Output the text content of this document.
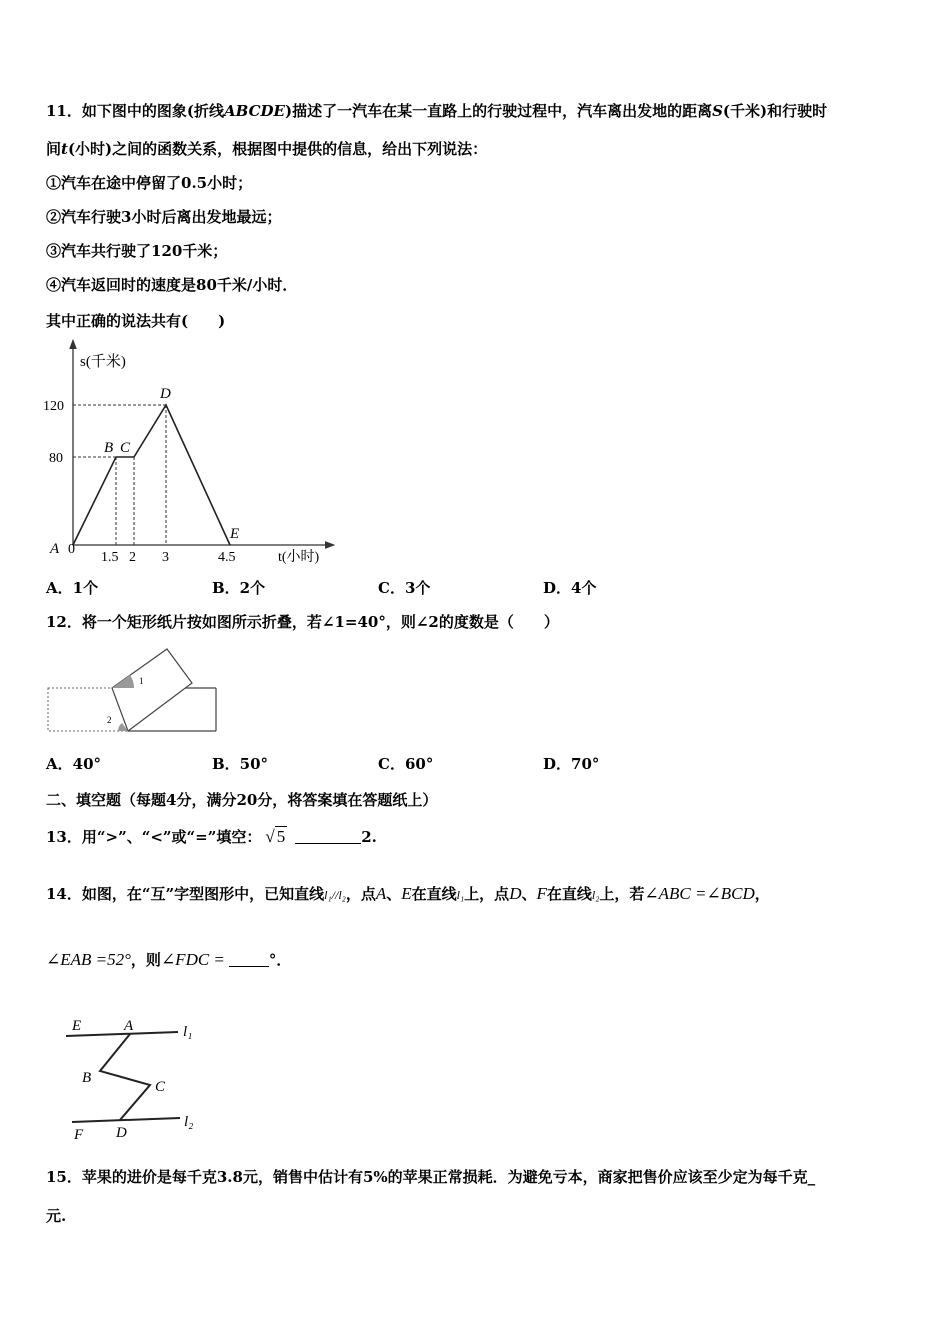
11．如下图中的图象(折线ABCDE)描述了一汽车在某一直路上的行驶过程中，汽车离出发地的距离S(千米)和行驶时
间t(小时)之间的函数关系，根据图中提供的信息，给出下列说法：
①汽车在途中停留了0.5小时；
②汽车行驶3小时后离出发地最远；
③汽车共行驶了120千米；
④汽车返回时的速度是80千米/小时．
其中正确的说法共有(　　)
s(千米)
120
80
0
1.5 2 3	4.5	t(小时)
A
B C
D
E
A．1个	B．2个	C．3个	D．4个
12．将一个矩形纸片按如图所示折叠，若∠1=40°，则∠2的度数是（　　）
1
2
A．40°	B．50°	C．60°	D．70°
二、填空题（每题4分，满分20分，将答案填在答题纸上）
13．用“>”、“<”或“=”填空： √ 5	2.
14．如图，在“互”字型图形中，已知直线l₁//l₂，点A、E在直线l₁上，点D、F在直线l₂上，若∠ABC =∠BCD，
∠EAB =52°，则∠FDC =	°．
E	A	l₁
B
C
F D
l₂
15．苹果的进价是每千克3.8元，销售中估计有5%的苹果正常损耗．为避免亏本，商家把售价应该至少定为每千克_
元.
